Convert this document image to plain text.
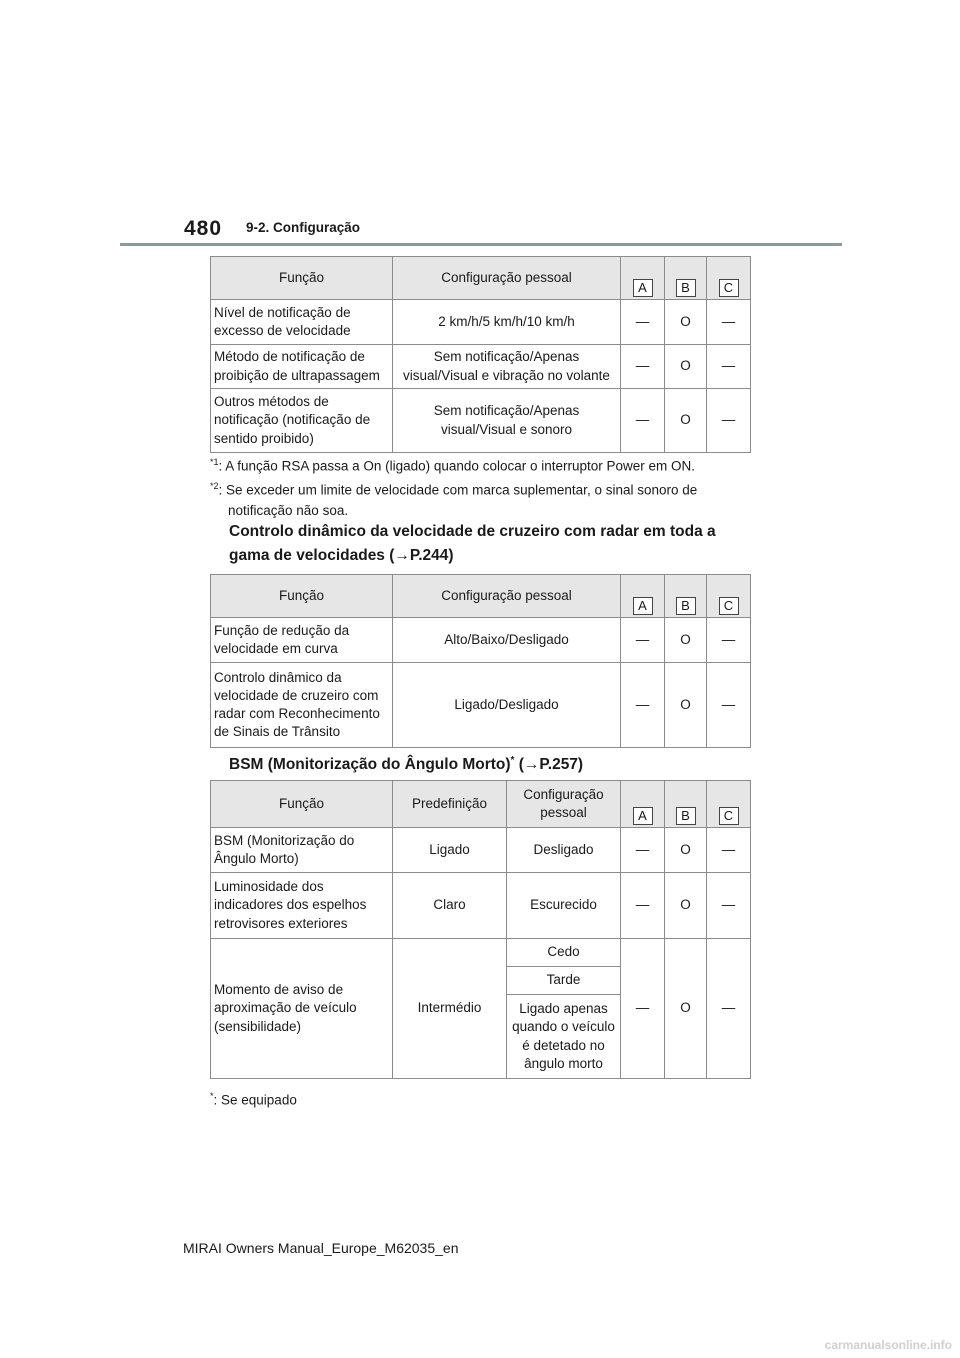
480 9-2. Configuração
Função	Configuração pessoal	A	B	C
Nível de notificação de excesso de velocidade	2 km/h/5 km/h/10 km/h	—	O	—
Método de notificação de proibição de ultrapassagem	Sem notificação/Apenas visual/Visual e vibração no volante	—	O	—
Outros métodos de notificação (notificação de sentido proibido)	Sem notificação/Apenas visual/Visual e sonoro	—	O	—
$^{*1}$: A função RSA passa a On (ligado) quando colocar o interruptor Power em ON.
$^{*2}$: Se exceder um limite de velocidade com marca suplementar, o sinal sonoro de
notificação não soa.
Controlo dinâmico da velocidade de cruzeiro com radar em toda a
gama de velocidades (→P.244)
Função	Configuração pessoal	A	B	C
Função de redução da velocidade em curva	Alto/Baixo/Desligado	—	O	—
Controlo dinâmico da velocidade de cruzeiro com radar com Reconhecimento de Sinais de Trânsito	Ligado/Desligado	—	O	—
BSM (Monitorização do Ângulo Morto)* (→P.257)
Função	Predefinição	Configuração pessoal	A	B	C
BSM (Monitorização do Ângulo Morto)	Ligado	Desligado	—	O	—
Luminosidade dos indicadores dos espelhos retrovisores exteriores	Claro	Escurecido	—	O	—
Momento de aviso de aproximação de veículo (sensibilidade)	Intermédio	Cedo	—	O	—
		Tarde			
		Ligado apenas quando o veículo é detetado no ângulo morto			
*: Se equipado
MIRAI Owners Manual_Europe_M62035_en
carmanualsonline.info
